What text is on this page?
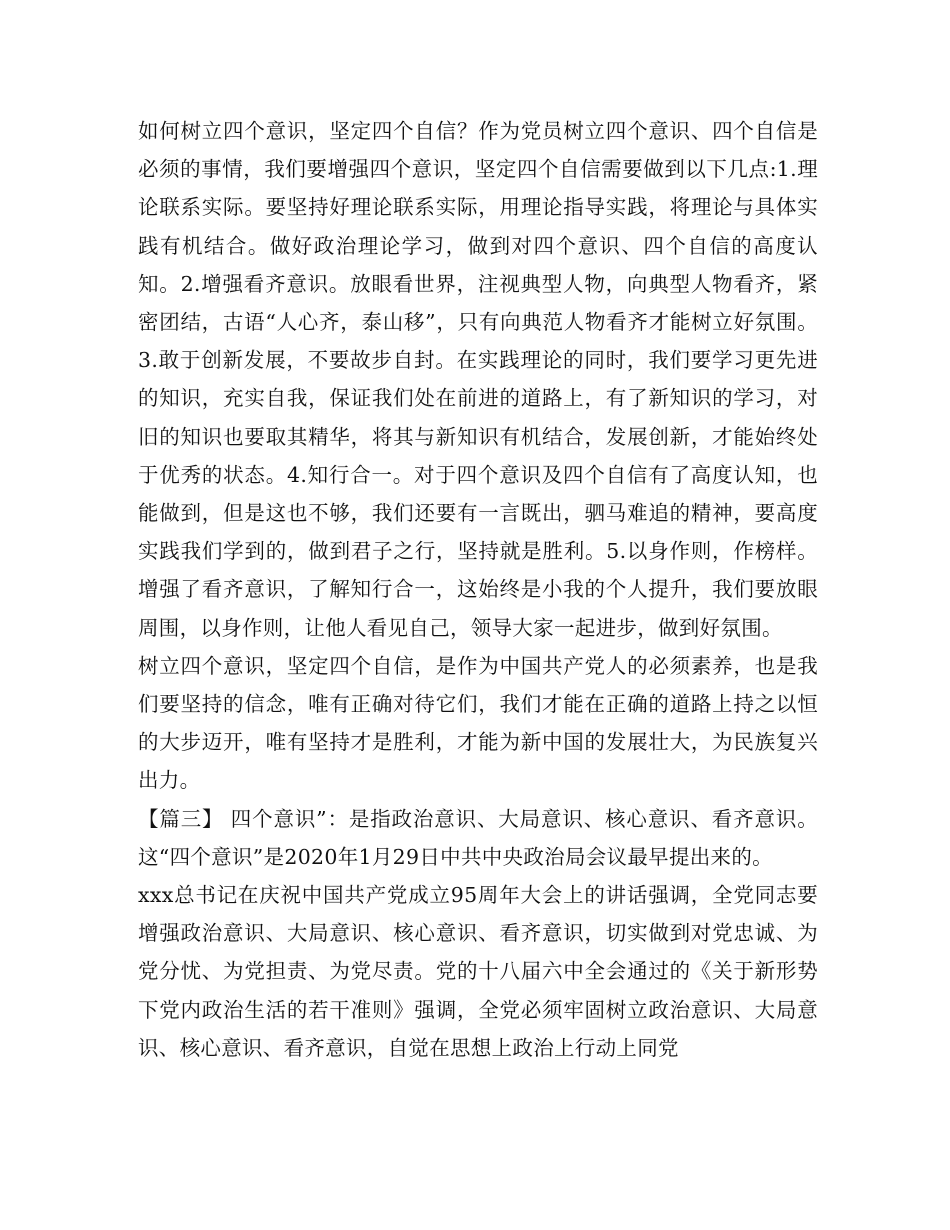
如何树立四个意识，坚定四个自信？作为党员树立四个意识、四个自信是必须的事情，我们要增强四个意识，坚定四个自信需要做到以下几点:1.理论联系实际。要坚持好理论联系实际，用理论指导实践，将理论与具体实践有机结合。做好政治理论学习，做到对四个意识、四个自信的高度认知。2.增强看齐意识。放眼看世界，注视典型人物，向典型人物看齐，紧密团结，古语“人心齐，泰山移”，只有向典范人物看齐才能树立好氛围。3.敢于创新发展，不要故步自封。在实践理论的同时，我们要学习更先进的知识，充实自我，保证我们处在前进的道路上，有了新知识的学习，对旧的知识也要取其精华，将其与新知识有机结合，发展创新，才能始终处于优秀的状态。4.知行合一。对于四个意识及四个自信有了高度认知，也能做到，但是这也不够，我们还要有一言既出，驷马难追的精神，要高度实践我们学到的，做到君子之行，坚持就是胜利。5.以身作则，作榜样。增强了看齐意识，了解知行合一，这始终是小我的个人提升，我们要放眼周围，以身作则，让他人看见自己，领导大家一起进步，做到好氛围。

树立四个意识，坚定四个自信，是作为中国共产党人的必须素养，也是我们要坚持的信念，唯有正确对待它们，我们才能在正确的道路上持之以恒的大步迈开，唯有坚持才是胜利，才能为新中国的发展壮大，为民族复兴出力。

【篇三】 四个意识”：是指政治意识、大局意识、核心意识、看齐意识。这“四个意识”是2020年1月29日中共中央政治局会议最早提出来的。

xxx总书记在庆祝中国共产党成立95周年大会上的讲话强调，全党同志要增强政治意识、大局意识、核心意识、看齐意识，切实做到对党忠诚、为党分忧、为党担责、为党尽责。党的十八届六中全会通过的《关于新形势下党内政治生活的若干准则》强调，全党必须牢固树立政治意识、大局意识、核心意识、看齐意识，自觉在思想上政治上行动上同党
